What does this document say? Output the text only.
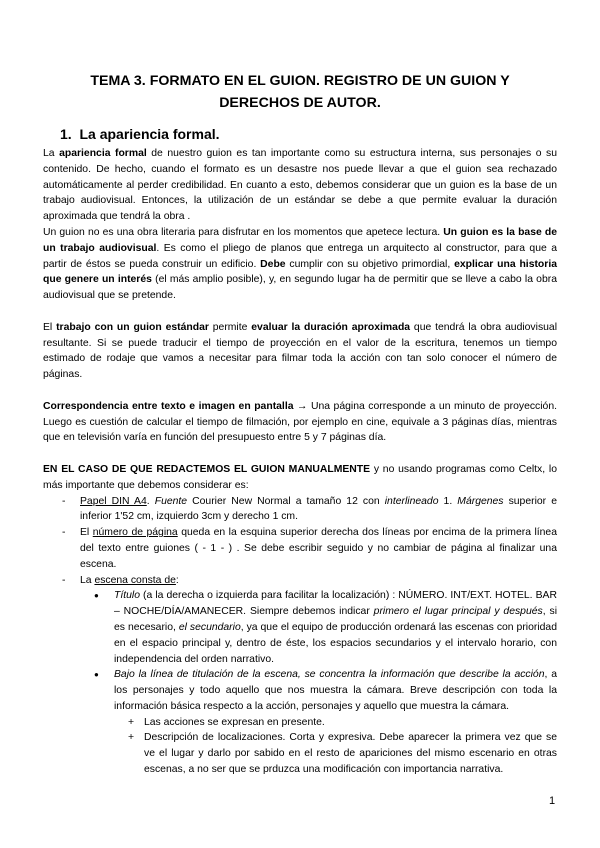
TEMA 3. FORMATO EN EL GUION. REGISTRO DE UN GUION Y
DERECHOS DE AUTOR.
1. La apariencia formal.

La apariencia formal de nuestro guion es tan importante como su estructura interna, sus personajes o su contenido. De hecho, cuando el formato es un desastre nos puede llevar a que el guion sea rechazado automáticamente al perder credibilidad. En cuanto a esto, debemos considerar que un guion es la base de un trabajo audiovisual. Entonces, la utilización de un estándar se debe a que permite evaluar la duración aproximada que tendrá la obra .

Un guion no es una obra literaria para disfrutar en los momentos que apetece lectura. Un guion es la base de un trabajo audiovisual. Es como el pliego de planos que entrega un arquitecto al constructor, para que a partir de éstos se pueda construir un edificio. Debe cumplir con su objetivo primordial, explicar una historia que genere un interés (el más amplio posible), y, en segundo lugar ha de permitir que se lleve a cabo la obra audiovisual que se pretende.

El trabajo con un guion estándar permite evaluar la duración aproximada que tendrá la obra audiovisual resultante. Si se puede traducir el tiempo de proyección en el valor de la escritura, tenemos un tiempo estimado de rodaje que vamos a necesitar para filmar toda la acción con tan solo conocer el número de páginas.

Correspondencia entre texto e imagen en pantalla → Una página corresponde a un minuto de proyección. Luego es cuestión de calcular el tiempo de filmación, por ejemplo en cine, equivale a 3 páginas días, mientras que en televisión varía en función del presupuesto entre 5 y 7 páginas día.

EN EL CASO DE QUE REDACTEMOS EL GUION MANUALMENTE y no usando programas como Celtx, lo más importante que debemos considerar es:

- Papel DIN A4. Fuente Courier New Normal a tamaño 12 con interlineado 1. Márgenes superior e inferior 1'52 cm, izquierdo 3cm y derecho 1 cm.
- El número de página queda en la esquina superior derecha dos líneas por encima de la primera línea del texto entre guiones ( - 1 - ) . Se debe escribir seguido y no cambiar de página al finalizar una escena.
- La escena consta de:
● Título (a la derecha o izquierda para facilitar la localización) : NÚMERO. INT/EXT. HOTEL. BAR – NOCHE/DÍA/AMANECER. Siempre debemos indicar primero el lugar principal y después, si es necesario, el secundario, ya que el equipo de producción ordenará las escenas con prioridad en el espacio principal y, dentro de éste, los espacios secundarios y el intervalo horario, con independencia del orden narrativo.
● Bajo la línea de titulación de la escena, se concentra la información que describe la acción, a los personajes y todo aquello que nos muestra la cámara. Breve descripción con toda la información básica respecto a la acción, personajes y aquello que muestra la cámara.
+ Las acciones se expresan en presente.
+ Descripción de localizaciones. Corta y expresiva. Debe aparecer la primera vez que se ve el lugar y darlo por sabido en el resto de apariciones del mismo escenario en otras escenas, a no ser que se prduzca una modificación con importancia narrativa.
1
